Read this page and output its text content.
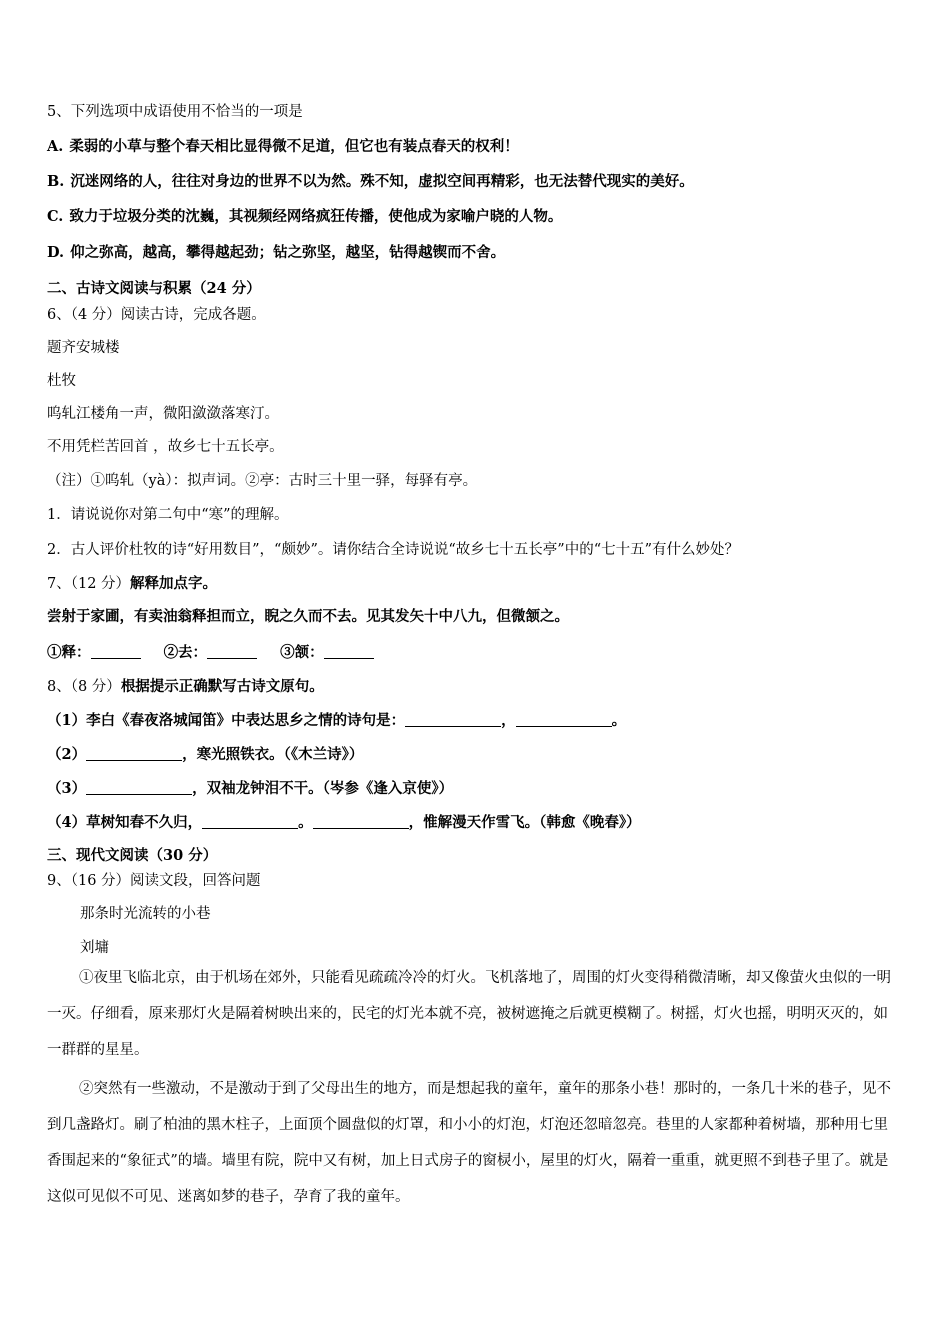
5、下列选项中成语使用不恰当的一项是
A. 柔弱的小草与整个春天相比显得微不足道，但它也有装点春天的权利！
B. 沉迷网络的人，往往对身边的世界不以为然。殊不知，虚拟空间再精彩，也无法替代现实的美好。
C. 致力于垃圾分类的沈巍，其视频经网络疯狂传播，使他成为家喻户晓的人物。
D. 仰之弥高，越高，攀得越起劲；钻之弥坚，越坚，钻得越锲而不舍。
二、古诗文阅读与积累（24 分）
6、（4 分）阅读古诗，完成各题。
题齐安城楼
杜牧
呜轧江楼角一声，微阳潋潋落寒汀。
不用凭栏苦回首 ，故乡七十五长亭。
（注）①呜轧（yà）：拟声词。②亭：古时三十里一驿，每驿有亭。
1．请说说你对第二句中“寒”的理解。
2．古人评价杜牧的诗“好用数目”，“颇妙”。请你结合全诗说说“故乡七十五长亭”中的“七十五”有什么妙处？
7、（12 分）解释加点字。
尝射于家圃，有卖油翁释担而立，睨之久而不去。见其发矢十中八九，但微颔之。
①释：	②去：	③颔：
8、（8 分）根据提示正确默写古诗文原句。
（1）李白《春夜洛城闻笛》中表达思乡之情的诗句是：	，	。
（2）	，寒光照铁衣。（《木兰诗》）
（3）	，双袖龙钟泪不干。（岑参《逢入京使》）
（4）草树知春不久归，	。	，惟解漫天作雪飞。（韩愈《晚春》）
三、现代文阅读（30 分）
9、（16 分）阅读文段，回答问题
那条时光流转的小巷
刘墉
①夜里飞临北京，由于机场在郊外，只能看见疏疏冷冷的灯火。飞机落地了，周围的灯火变得稍微清晰，却又像萤火虫似的一明一灭。仔细看，原来那灯火是隔着树映出来的，民宅的灯光本就不亮，被树遮掩之后就更模糊了。树摇，灯火也摇，明明灭灭的，如一群群的星星。
②突然有一些激动，不是激动于到了父母出生的地方，而是想起我的童年，童年的那条小巷！那时的，一条几十米的巷子，见不到几盏路灯。刷了柏油的黑木柱子，上面顶个圆盘似的灯罩，和小小的灯泡，灯泡还忽暗忽亮。巷里的人家都种着树墙，那种用七里香围起来的“象征式”的墙。墙里有院，院中又有树，加上日式房子的窗棂小，屋里的灯火，隔着一重重，就更照不到巷子里了。就是这似可见似不可见、迷离如梦的巷子，孕育了我的童年。
